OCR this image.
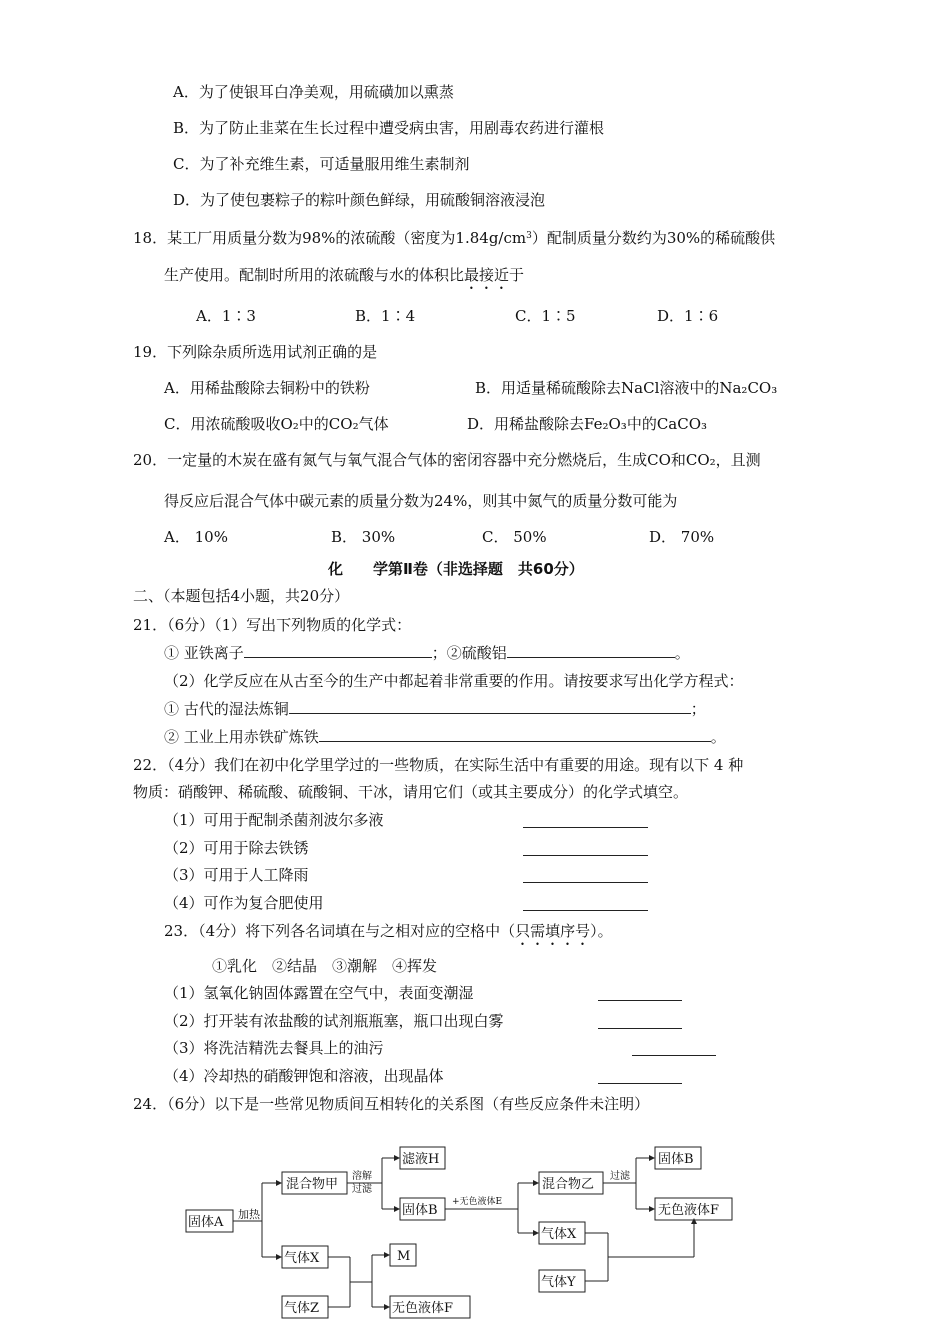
A．为了使银耳白净美观，用硫磺加以熏蒸
B．为了防止韭菜在生长过程中遭受病虫害，用剧毒农药进行灌根
C．为了补充维生素，可适量服用维生素制剂
D．为了使包裹粽子的粽叶颜色鲜绿，用硫酸铜溶液浸泡
18．某工厂用质量分数为98%的浓硫酸（密度为$1.84g/cm^3$）配制质量分数约为30%的稀硫酸供
生产使用。配制时所用的浓硫酸与水的体积比最接近于
A．1∶3	B．1∶4	C．1∶5	D．1∶6
19．下列除杂质所选用试剂正确的是
A．用稀盐酸除去铜粉中的铁粉	B．用适量稀硫酸除去NaCl溶液中的Na₂CO₃
C．用浓硫酸吸收O₂中的CO₂气体	D．用稀盐酸除去Fe₂O₃中的CaCO₃
20．一定量的木炭在盛有氮气与氧气混合气体的密闭容器中充分燃烧后，生成CO和CO₂，且测
得反应后混合气体中碳元素的质量分数为24%，则其中氮气的质量分数可能为
A． 10%	B． 30%	C． 50%	D． 70%
化　　学第Ⅱ卷（非选择题　共60分）
二、（本题包括4小题，共20分）
21．（6分）（1）写出下列物质的化学式：
① 亚铁离子	；②硫酸铝	。
（2）化学反应在从古至今的生产中都起着非常重要的作用。请按要求写出化学方程式：
① 古代的湿法炼铜	；
② 工业上用赤铁矿炼铁	。
22．（4分）我们在初中化学里学过的一些物质，在实际生活中有重要的用途。现有以下 4 种
物质：硝酸钾、稀硫酸、硫酸铜、干冰，请用它们（或其主要成分）的化学式填空。
（1）可用于配制杀菌剂波尔多液
（2）可用于除去铁锈
（3）可用于人工降雨
（4）可作为复合肥使用
23．（4分）将下列各名词填在与之相对应的空格中（只需填序号）。
①乳化　②结晶　③潮解　④挥发
（1）氢氧化钠固体露置在空气中，表面变潮湿
（2）打开装有浓盐酸的试剂瓶瓶塞，瓶口出现白雾
（3）将洗洁精洗去餐具上的油污
（4）冷却热的硝酸钾饱和溶液，出现晶体
24．（6分）以下是一些常见物质间互相转化的关系图（有些反应条件未注明）
固体A
加热
混合物甲
溶解
过滤
滤液H
固体B
+无色液体E
混合物乙
过滤
固体B
无色液体F
气体X
气体Y
气体X	M
气体Z	无色液体F
